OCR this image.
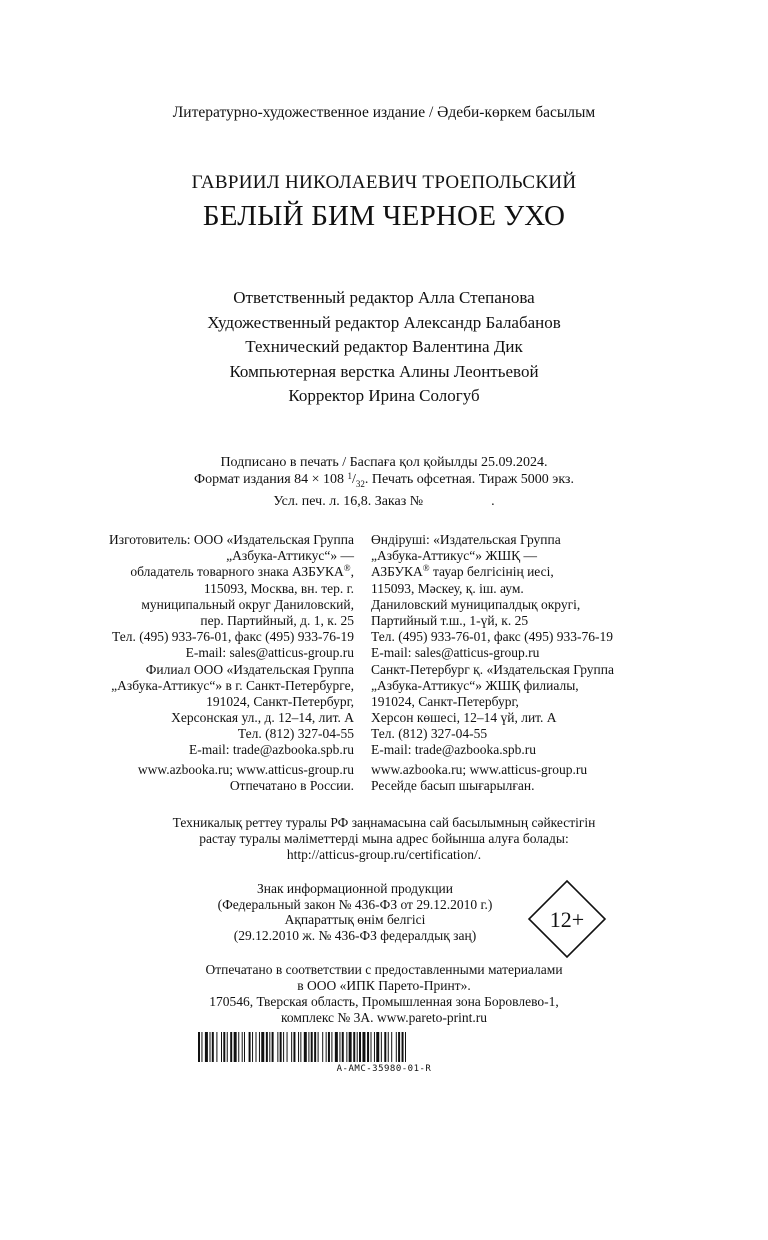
Литературно-художественное издание / Әдеби-көркем басылым
ГАВРИИЛ НИКОЛАЕВИЧ ТРОЕПОЛЬСКИЙ
БЕЛЫЙ БИМ ЧЕРНОЕ УХО
Ответственный редактор Алла Степанова
Художественный редактор Александр Балабанов
Технический редактор Валентина Дик
Компьютерная верстка Алины Леонтьевой
Корректор Ирина Сологуб
Подписано в печать / Баспаға қол қойылды 25.09.2024.
Формат издания 84 × 108 $^1/_{32}$. Печать офсетная. Тираж 5000 экз.
Усл. печ. л. 16,8. Заказ №	.
Изготовитель: ООО «Издательская Группа
„Азбука-Аттикус“» —
обладатель товарного знака АЗБУКА®,
115093, Москва, вн. тер. г.
муниципальный округ Даниловский,
пер. Партийный, д. 1, к. 25
Тел. (495) 933-76-01, факс (495) 933-76-19
E-mail: sales@atticus-group.ru
Филиал ООО «Издательская Группа
„Азбука-Аттикус“» в г. Санкт-Петербурге,
191024, Санкт-Петербург,
Херсонская ул., д. 12–14, лит. А
Тел. (812) 327-04-55
E-mail: trade@azbooka.spb.ru
www.azbooka.ru; www.atticus-group.ru
Отпечатано в России.
Өндіруші: «Издательская Группа
„Азбука-Аттикус“» ЖШҚ —
АЗБУКА® тауар белгісінің иесі,
115093, Мәскеу, қ. іш. аум.
Даниловский муниципалдық округі,
Партийный т.ш., 1-үй, к. 25
Тел. (495) 933-76-01, факс (495) 933-76-19
E-mail: sales@atticus-group.ru
Санкт-Петербург қ. «Издательская Группа
„Азбука-Аттикус“» ЖШҚ филиалы,
191024, Санкт-Петербург,
Херсон көшесі, 12–14 үй, лит. А
Тел. (812) 327-04-55
E-mail: trade@azbooka.spb.ru
www.azbooka.ru; www.atticus-group.ru
Ресейде басып шығарылған.
Техникалық реттеу туралы РФ заңнамасына сай басылымның сәйкестігін
растау туралы мәліметтерді мына адрес бойынша алуға болады:
http://atticus-group.ru/certification/.
Знак информационной продукции
(Федеральный закон № 436-ФЗ от 29.12.2010 г.)
Ақпараттық өнім белгісі
(29.12.2010 ж. № 436-ФЗ федералдық заң)
12+
Отпечатано в соответствии с предоставленными материалами
в ООО «ИПК Парето-Принт».
170546, Тверская область, Промышленная зона Боровлево-1,
комплекс № 3А. www.pareto-print.ru
A-AMC-35980-01-R
